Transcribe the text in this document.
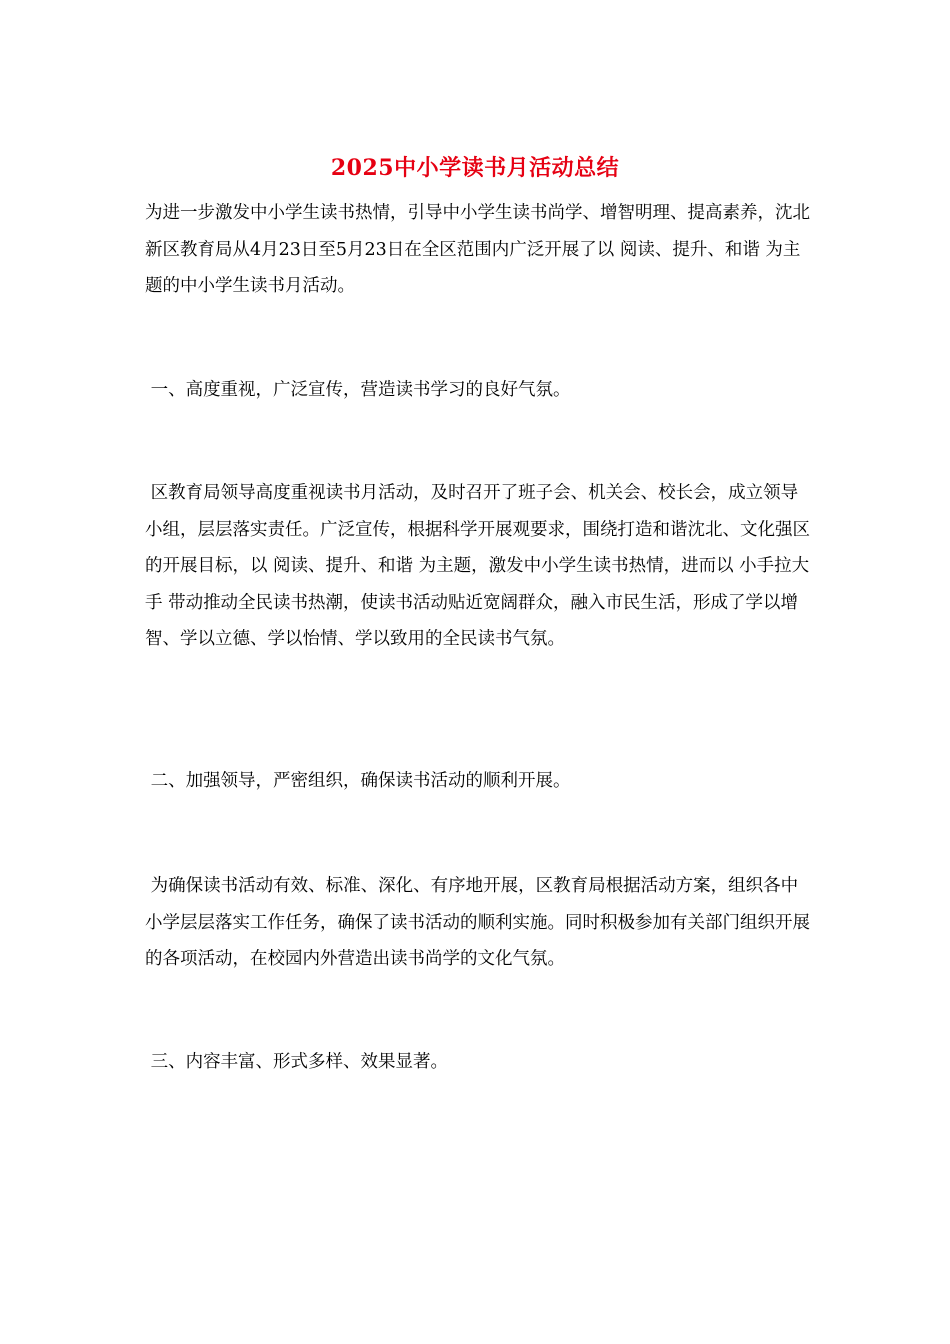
2025中小学读书月活动总结

为进一步激发中小学生读书热情，引导中小学生读书尚学、增智明理、提高素养，沈北新区教育局从4月23日至5月23日在全区范围内广泛开展了以 阅读、提升、和谐 为主题的中小学生读书月活动。

一、高度重视，广泛宣传，营造读书学习的良好气氛。

区教育局领导高度重视读书月活动，及时召开了班子会、机关会、校长会，成立领导小组，层层落实责任。广泛宣传，根据科学开展观要求，围绕打造和谐沈北、文化强区的开展目标，以 阅读、提升、和谐 为主题，激发中小学生读书热情，进而以 小手拉大手 带动推动全民读书热潮，使读书活动贴近宽阔群众，融入市民生活，形成了学以增智、学以立德、学以怡情、学以致用的全民读书气氛。

二、加强领导，严密组织，确保读书活动的顺利开展。

为确保读书活动有效、标准、深化、有序地开展，区教育局根据活动方案，组织各中小学层层落实工作任务，确保了读书活动的顺利实施。同时积极参加有关部门组织开展的各项活动，在校园内外营造出读书尚学的文化气氛。

三、内容丰富、形式多样、效果显著。
